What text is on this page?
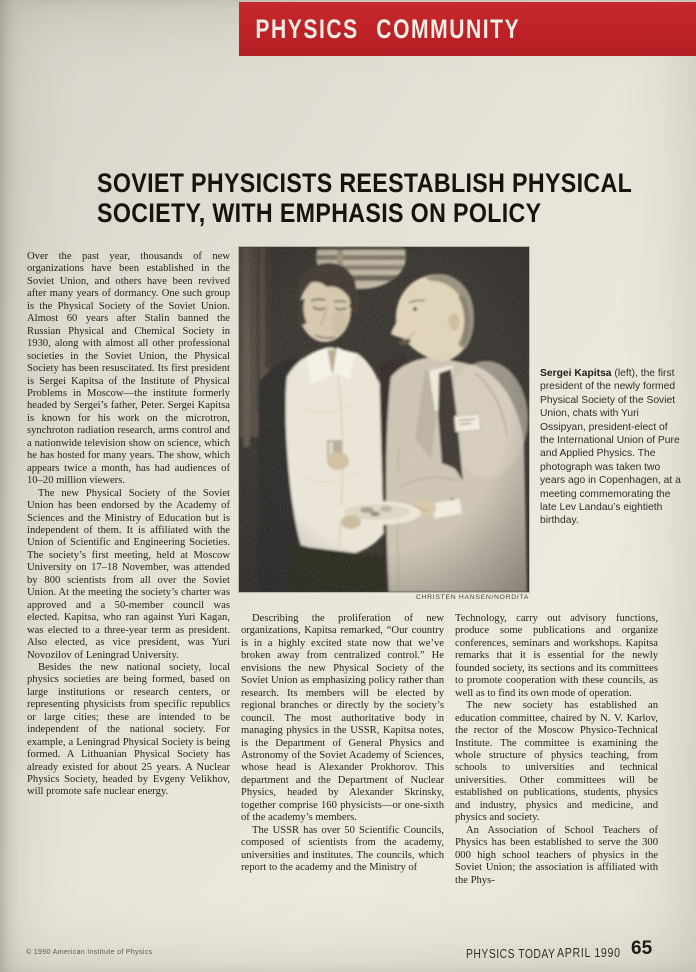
PHYSICS COMMUNITY
SOVIET PHYSICISTS REESTABLISH PHYSICAL
SOCIETY, WITH EMPHASIS ON POLICY

Over the past year, thousands of new organizations have been established in the Soviet Union, and others have been revived after many years of dormancy. One such group is the Physical Society of the Soviet Union. Almost 60 years after Stalin banned the Russian Physical and Chemical Society in 1930, along with almost all other professional societies in the Soviet Union, the Physical Society has been resuscitated. Its first president is Sergei Kapitsa of the Institute of Physical Problems in Moscow—the institute formerly headed by Sergei’s father, Peter. Sergei Kapitsa is known for his work on the microtron, synchroton radiation research, arms control and a nationwide television show on science, which he has hosted for many years. The show, which appears twice a month, has had audiences of 10–20 million viewers.

The new Physical Society of the Soviet Union has been endorsed by the Academy of Sciences and the Ministry of Education but is independent of them. It is affiliated with the Union of Scientific and Engineering Societies. The society’s first meeting, held at Moscow University on 17–18 November, was attended by 800 scientists from all over the Soviet Union. At the meeting the society’s charter was approved and a 50-member council was elected. Kapitsa, who ran against Yuri Kagan, was elected to a three-year term as president. Also elected, as vice president, was Yuri Novozilov of Leningrad University.

Besides the new national society, local physics societies are being formed, based on large institutions or research centers, or representing physicists from specific republics or large cities; these are intended to be independent of the national society. For example, a Leningrad Physical Society is being formed. A Lithuanian Physical Society has already existed for about 25 years. A Nuclear Physics Society, headed by Evgeny Velikhov, will promote safe nuclear energy.

CHRISTEN HANSEN/NORDITA
Sergei Kapitsa (left), the first president of the newly formed Physical Society of the Soviet Union, chats with Yuri Ossipyan, president-elect of the International Union of Pure and Applied Physics. The photograph was taken two years ago in Copenhagen, at a meeting commemorating the late Lev Landau’s eightieth birthday.

Describing the proliferation of new organizations, Kapitsa remarked, “Our country is in a highly excited state now that we’ve broken away from centralized control.” He envisions the new Physical Society of the Soviet Union as emphasizing policy rather than research. Its members will be elected by regional branches or directly by the society’s council. The most authoritative body in managing physics in the USSR, Kapitsa notes, is the Department of General Physics and Astronomy of the Soviet Academy of Sciences, whose head is Alexander Prokhorov. This department and the Department of Nuclear Physics, headed by Alexander Skrinsky, together comprise 160 physicists—or one-sixth of the academy’s members.

The USSR has over 50 Scientific Councils, composed of scientists from the academy, universities and institutes. The councils, which report to the academy and the Ministry of

Technology, carry out advisory functions, produce some publications and organize conferences, seminars and workshops. Kapitsa remarks that it is essential for the newly founded society, its sections and its committees to promote cooperation with these councils, as well as to find its own mode of operation.

The new society has established an education committee, chaired by N. V. Karlov, the rector of the Moscow Physico-Technical Institute. The committee is examining the whole structure of physics teaching, from schools to universities and technical universities. Other committees will be established on publications, students, physics and industry, physics and medicine, and physics and society.

An Association of School Teachers of Physics has been established to serve the 300 000 high school teachers of physics in the Soviet Union; the association is affiliated with the Phys-

© 1990 American Institute of Physics	PHYSICS TODAY APRIL 1990 65
